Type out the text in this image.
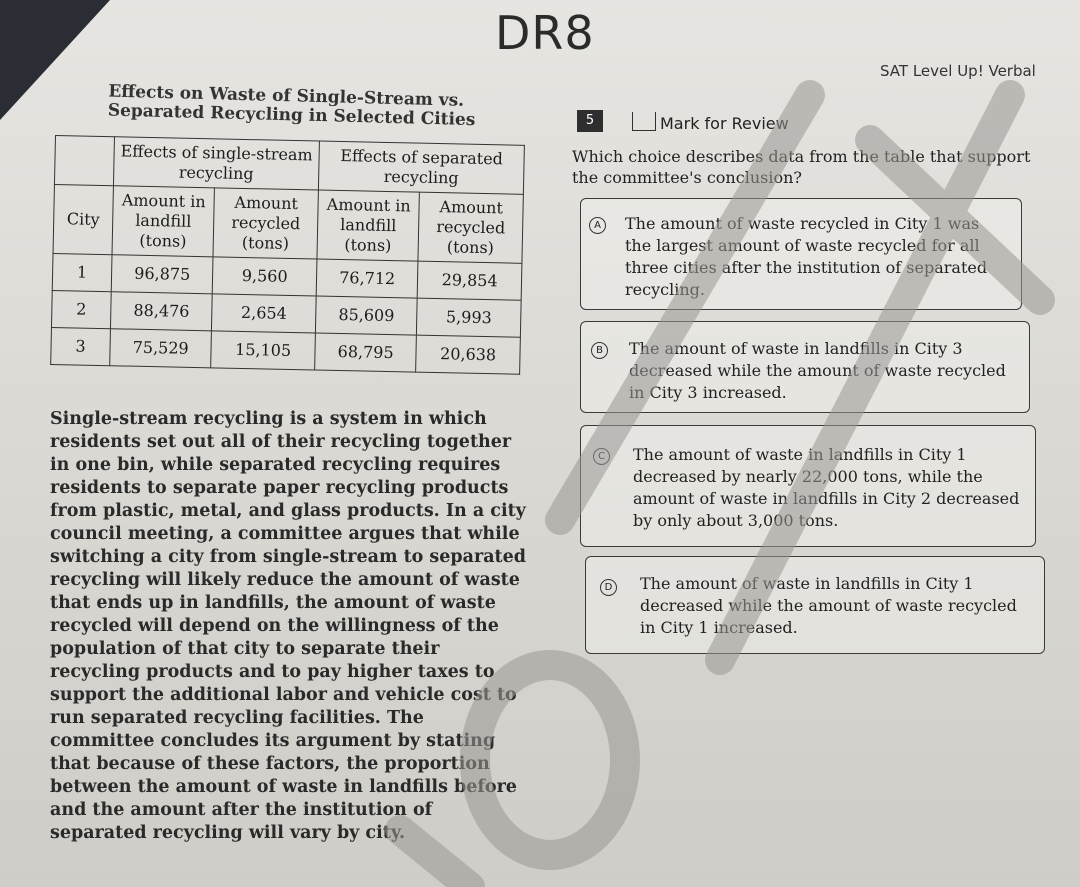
DR8
SAT Level Up! Verbal
Effects on Waste of Single-Stream vs. Separated Recycling in Selected Cities
	Effects of single-stream recycling		Effects of separated recycling	
City	Amount in landfill (tons)	Amount recycled (tons)	Amount in landfill (tons)	Amount recycled (tons)
1	96,875	9,560	76,712	29,854
2	88,476	2,654	85,609	5,993
3	75,529	15,105	68,795	20,638
Single-stream recycling is a system in which residents set out all of their recycling together in one bin, while separated recycling requires residents to separate paper recycling products from plastic, metal, and glass products. In a city council meeting, a committee argues that while switching a city from single-stream to separated recycling will likely reduce the amount of waste that ends up in landfills, the amount of waste recycled will depend on the willingness of the population of that city to separate their recycling products and to pay higher taxes to support the additional labor and vehicle cost to run separated recycling facilities. The committee concludes its argument by stating that because of these factors, the proportion between the amount of waste in landfills before and the amount after the institution of separated recycling will vary by city.
5	Mark for Review
Which choice describes data from the table that support the committee's conclusion?
A	The amount of waste recycled in City 1 was the largest amount of waste recycled for all three cities after the institution of separated recycling.
B	The amount of waste in landfills in City 3 decreased while the amount of waste recycled in City 3 increased.
C	The amount of waste in landfills in City 1 decreased by nearly 22,000 tons, while the amount of waste in landfills in City 2 decreased by only about 3,000 tons.
D The amount of waste in landfills in City 1 decreased while the amount of waste recycled in City 1 increased.
